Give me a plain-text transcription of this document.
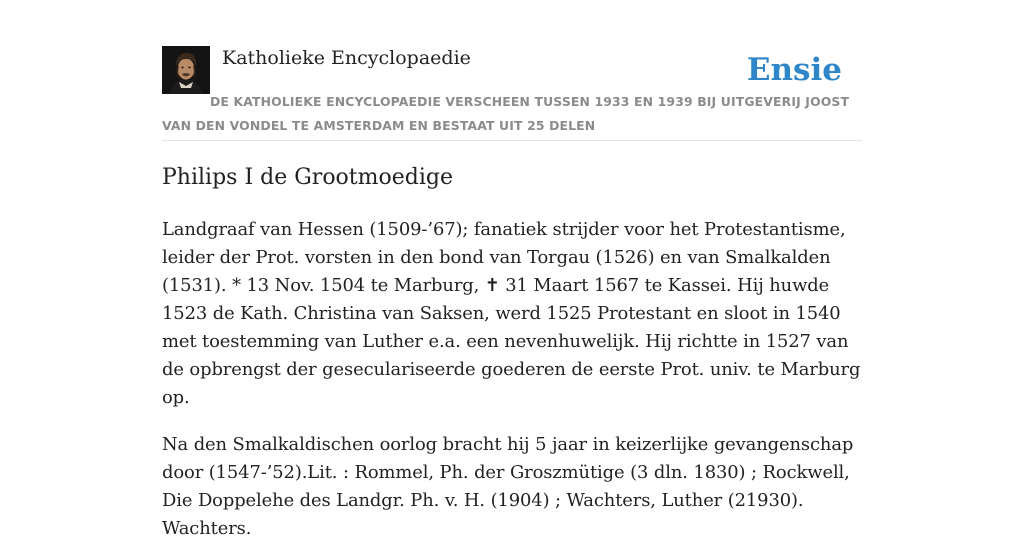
Katholieke Encyclopaedie	Ensie
DE KATHOLIEKE ENCYCLOPAEDIE VERSCHEEN TUSSEN 1933 EN 1939 BIJ UITGEVERIJ JOOST VAN DEN VONDEL TE AMSTERDAM EN BESTAAT UIT 25 DELEN
Philips I de Grootmoedige

Landgraaf van Hessen (1509-’67); fanatiek strijder voor het Protestantisme, leider der Prot. vorsten in den bond van Torgau (1526) en van Smalkalden (1531). * 13 Nov. 1504 te Marburg, ✝ 31 Maart 1567 te Kassei. Hij huwde 1523 de Kath. Christina van Saksen, werd 1525 Protestant en sloot in 1540 met toestemming van Luther e.a. een nevenhuwelijk. Hij richtte in 1527 van de opbrengst der geseculariseerde goederen de eerste Prot. univ. te Marburg op.

Na den Smalkaldischen oorlog bracht hij 5 jaar in keizerlijke gevangenschap door (1547-’52).Lit. : Rommel, Ph. der Groszmütige (3 dln. 1830) ; Rockwell, Die Doppelehe des Landgr. Ph. v. H. (1904) ; Wachters, Luther (21930). Wachters.
